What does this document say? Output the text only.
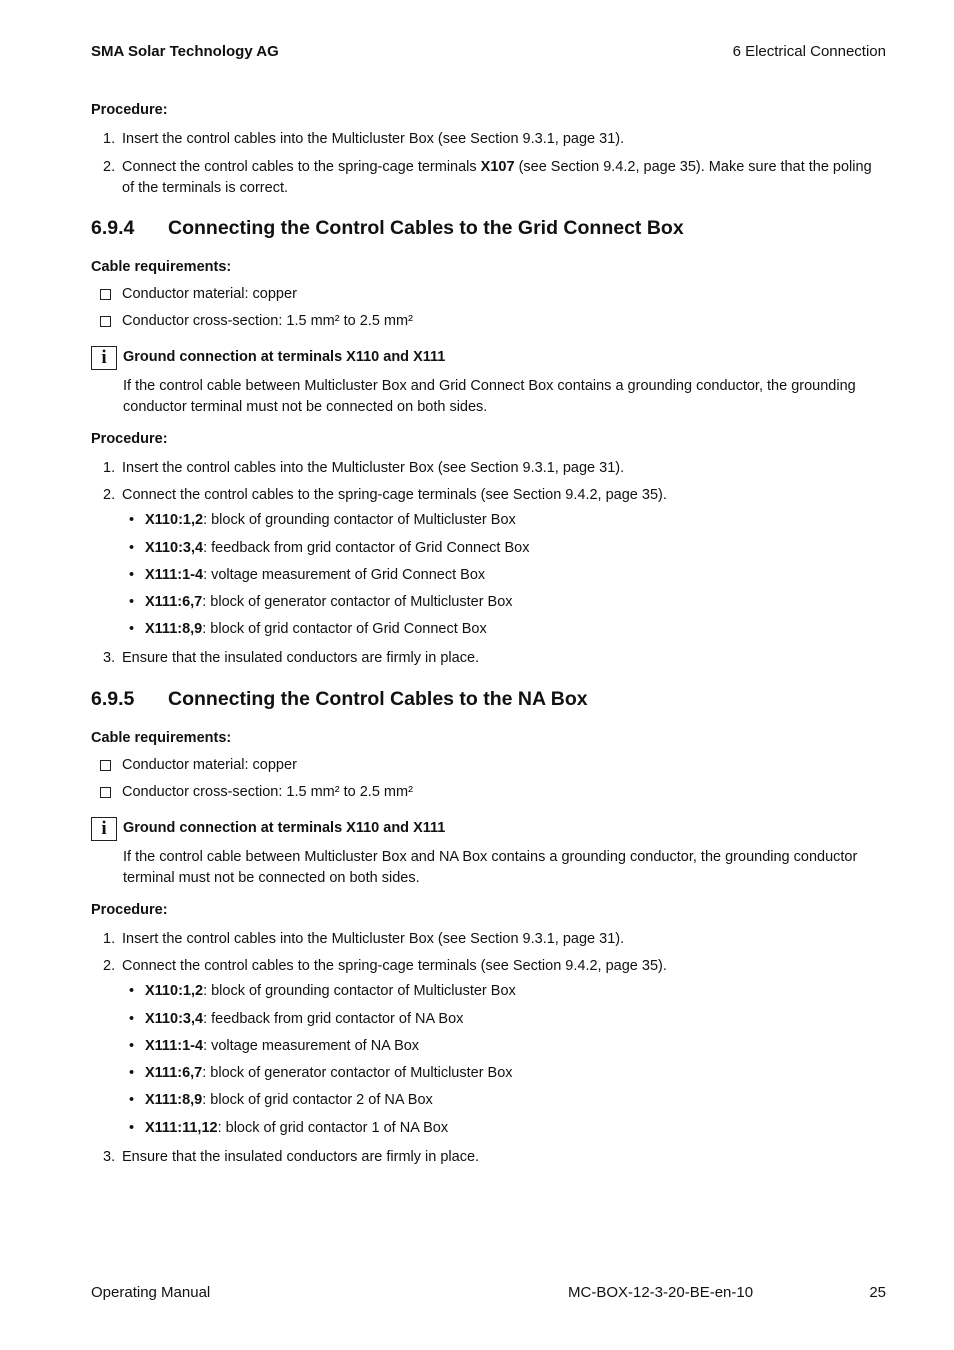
SMA Solar Technology AG	6 Electrical Connection
Procedure:
1. Insert the control cables into the Multicluster Box (see Section 9.3.1, page 31).
2. Connect the control cables to the spring-cage terminals X107 (see Section 9.4.2, page 35). Make sure that the poling of the terminals is correct.
6.9.4 Connecting the Control Cables to the Grid Connect Box
Cable requirements:
Conductor material: copper
Conductor cross-section: 1.5 mm² to 2.5 mm²
i	Ground connection at terminals X110 and X111
If the control cable between Multicluster Box and Grid Connect Box contains a grounding conductor, the grounding conductor terminal must not be connected on both sides.
Procedure:
1. Insert the control cables into the Multicluster Box (see Section 9.3.1, page 31).
2. Connect the control cables to the spring-cage terminals (see Section 9.4.2, page 35).
• X110:1,2: block of grounding contactor of Multicluster Box
• X110:3,4: feedback from grid contactor of Grid Connect Box
• X111:1-4: voltage measurement of Grid Connect Box
• X111:6,7: block of generator contactor of Multicluster Box
• X111:8,9: block of grid contactor of Grid Connect Box
3. Ensure that the insulated conductors are firmly in place.
6.9.5 Connecting the Control Cables to the NA Box
Cable requirements:
Conductor material: copper
Conductor cross-section: 1.5 mm² to 2.5 mm²
i	Ground connection at terminals X110 and X111
If the control cable between Multicluster Box and NA Box contains a grounding conductor, the grounding conductor terminal must not be connected on both sides.
Procedure:
1. Insert the control cables into the Multicluster Box (see Section 9.3.1, page 31).
2. Connect the control cables to the spring-cage terminals (see Section 9.4.2, page 35).
• X110:1,2: block of grounding contactor of Multicluster Box
• X110:3,4: feedback from grid contactor of NA Box
• X111:1-4: voltage measurement of NA Box
• X111:6,7: block of generator contactor of Multicluster Box
• X111:8,9: block of grid contactor 2 of NA Box
• X111:11,12: block of grid contactor 1 of NA Box
3. Ensure that the insulated conductors are firmly in place.
Operating Manual	MC-BOX-12-3-20-BE-en-10	25
